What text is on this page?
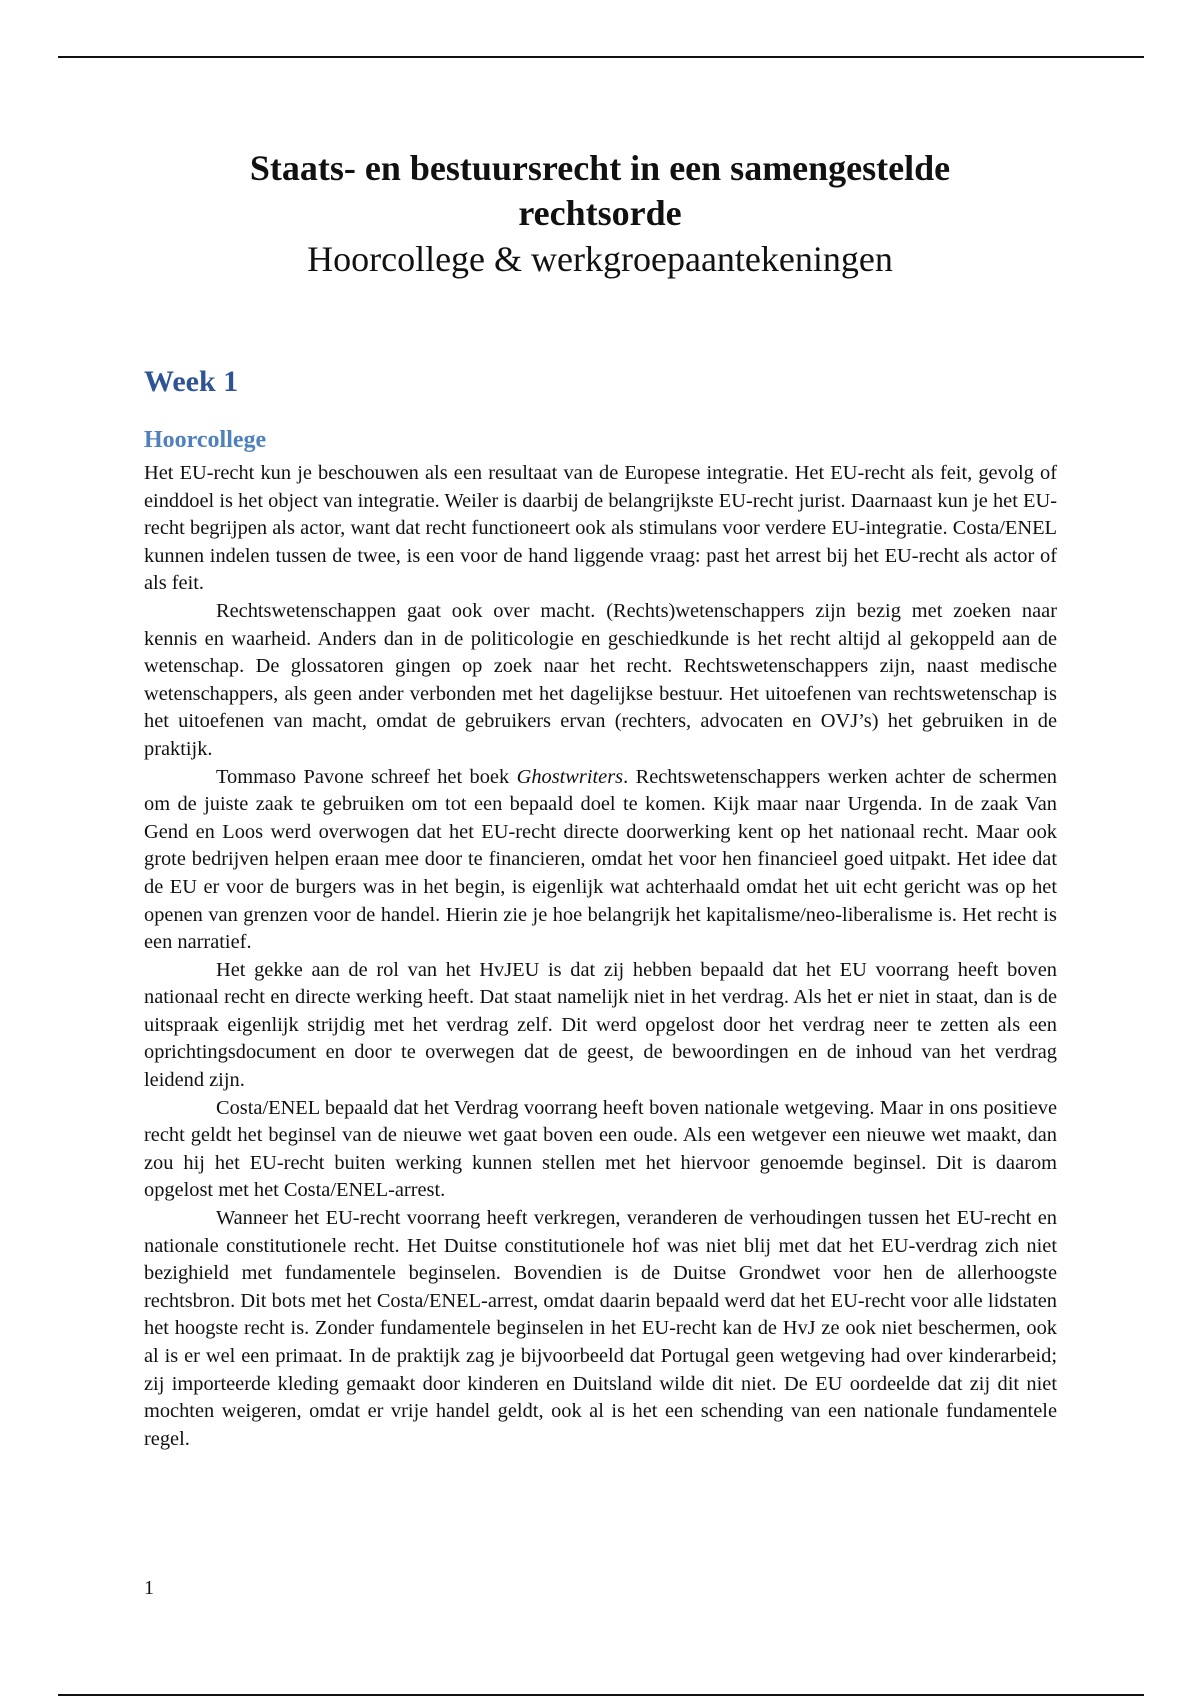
Staats- en bestuursrecht in een samengestelde rechtsorde

Hoorcollege & werkgroepaantekeningen

Week 1
Hoorcollege

Het EU-recht kun je beschouwen als een resultaat van de Europese integratie. Het EU-recht als feit, gevolg of einddoel is het object van integratie. Weiler is daarbij de belangrijkste EU-recht jurist. Daarnaast kun je het EU-recht begrijpen als actor, want dat recht functioneert ook als stimulans voor verdere EU-integratie. Costa/ENEL kunnen indelen tussen de twee, is een voor de hand liggende vraag: past het arrest bij het EU-recht als actor of als feit.

Rechtswetenschappen gaat ook over macht. (Rechts)wetenschappers zijn bezig met zoeken naar kennis en waarheid. Anders dan in de politicologie en geschiedkunde is het recht altijd al gekoppeld aan de wetenschap. De glossatoren gingen op zoek naar het recht. Rechtswetenschappers zijn, naast medische wetenschappers, als geen ander verbonden met het dagelijkse bestuur. Het uitoefenen van rechtswetenschap is het uitoefenen van macht, omdat de gebruikers ervan (rechters, advocaten en OVJ’s) het gebruiken in de praktijk.

Tommaso Pavone schreef het boek Ghostwriters. Rechtswetenschappers werken achter de schermen om de juiste zaak te gebruiken om tot een bepaald doel te komen. Kijk maar naar Urgenda. In de zaak Van Gend en Loos werd overwogen dat het EU-recht directe doorwerking kent op het nationaal recht. Maar ook grote bedrijven helpen eraan mee door te financieren, omdat het voor hen financieel goed uitpakt. Het idee dat de EU er voor de burgers was in het begin, is eigenlijk wat achterhaald omdat het uit echt gericht was op het openen van grenzen voor de handel. Hierin zie je hoe belangrijk het kapitalisme/neo-liberalisme is. Het recht is een narratief.

Het gekke aan de rol van het HvJEU is dat zij hebben bepaald dat het EU voorrang heeft boven nationaal recht en directe werking heeft. Dat staat namelijk niet in het verdrag. Als het er niet in staat, dan is de uitspraak eigenlijk strijdig met het verdrag zelf. Dit werd opgelost door het verdrag neer te zetten als een oprichtingsdocument en door te overwegen dat de geest, de bewoordingen en de inhoud van het verdrag leidend zijn.

Costa/ENEL bepaald dat het Verdrag voorrang heeft boven nationale wetgeving. Maar in ons positieve recht geldt het beginsel van de nieuwe wet gaat boven een oude. Als een wetgever een nieuwe wet maakt, dan zou hij het EU-recht buiten werking kunnen stellen met het hiervoor genoemde beginsel. Dit is daarom opgelost met het Costa/ENEL-arrest.

Wanneer het EU-recht voorrang heeft verkregen, veranderen de verhoudingen tussen het EU-recht en nationale constitutionele recht. Het Duitse constitutionele hof was niet blij met dat het EU-verdrag zich niet bezighield met fundamentele beginselen. Bovendien is de Duitse Grondwet voor hen de allerhoogste rechtsbron. Dit bots met het Costa/ENEL-arrest, omdat daarin bepaald werd dat het EU-recht voor alle lidstaten het hoogste recht is. Zonder fundamentele beginselen in het EU-recht kan de HvJ ze ook niet beschermen, ook al is er wel een primaat. In de praktijk zag je bijvoorbeeld dat Portugal geen wetgeving had over kinderarbeid; zij importeerde kleding gemaakt door kinderen en Duitsland wilde dit niet. De EU oordeelde dat zij dit niet mochten weigeren, omdat er vrije handel geldt, ook al is het een schending van een nationale fundamentele regel.

1
